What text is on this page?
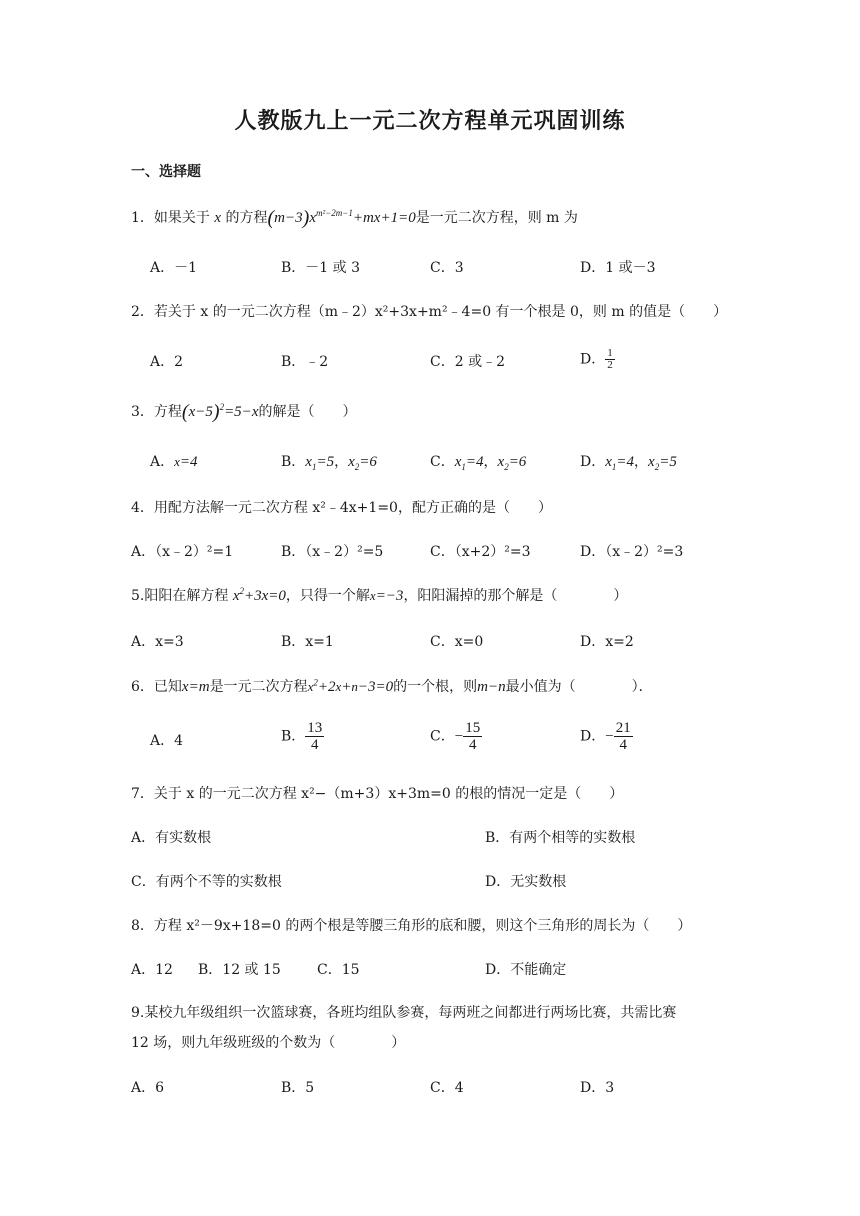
人教版九上一元二次方程单元巩固训练
一、选择题
1．如果关于 x 的方程$(m-3)x^{m^2-2m-1}+mx+1=0$是一元二次方程，则 m 为
A．－1	B．－1 或 3	C．3	D．1 或－3
2．若关于 x 的一元二次方程（m﹣2）x²+3x+m²﹣4=0 有一个根是 0，则 m 的值是（　　）
A．2	B．﹣2	C．2 或﹣2	D． $\frac{1}{2}$
3．方程$(x-5)^2=5-x$的解是（　　）
A．x=4	B．$x_1=5$，$x_2=6$	C．$x_1=4$，$x_2=6$	D．$x_1=4$，$x_2=5$
4．用配方法解一元二次方程 x²﹣4x+1=0，配方正确的是（　　）
A．（x﹣2）²=1	B．（x﹣2）²=5	C．（x+2）²=3	D．（x﹣2）²=3
5.阳阳在解方程 $x^2+3x=0$，只得一个解x=−3，阳阳漏掉的那个解是（　　　　）
A．x=3	B．x=1	C．x=0	D．x=2
6．已知x=m是一元二次方程$x^2+2x+n-3=0$的一个根，则m−n最小值为（　　　　）．
A．4	B． $\frac{13}{4}$	C．− $\frac{15}{4}$	D．− $\frac{21}{4}$
7．关于 x 的一元二次方程 x²−（m+3）x+3m=0 的根的情况一定是（　　）
A．有实数根	B．有两个相等的实数根
C．有两个不等的实数根	D．无实数根
8．方程 x²－9x+18=0 的两个根是等腰三角形的底和腰，则这个三角形的周长为（　　）
A．12 B．12 或 15	C．15	D．不能确定
9.某校九年级组织一次篮球赛，各班均组队参赛，每两班之间都进行两场比赛，共需比赛
12 场，则九年级班级的个数为（　　　　）
A．6	B．5	C．4	D．3
